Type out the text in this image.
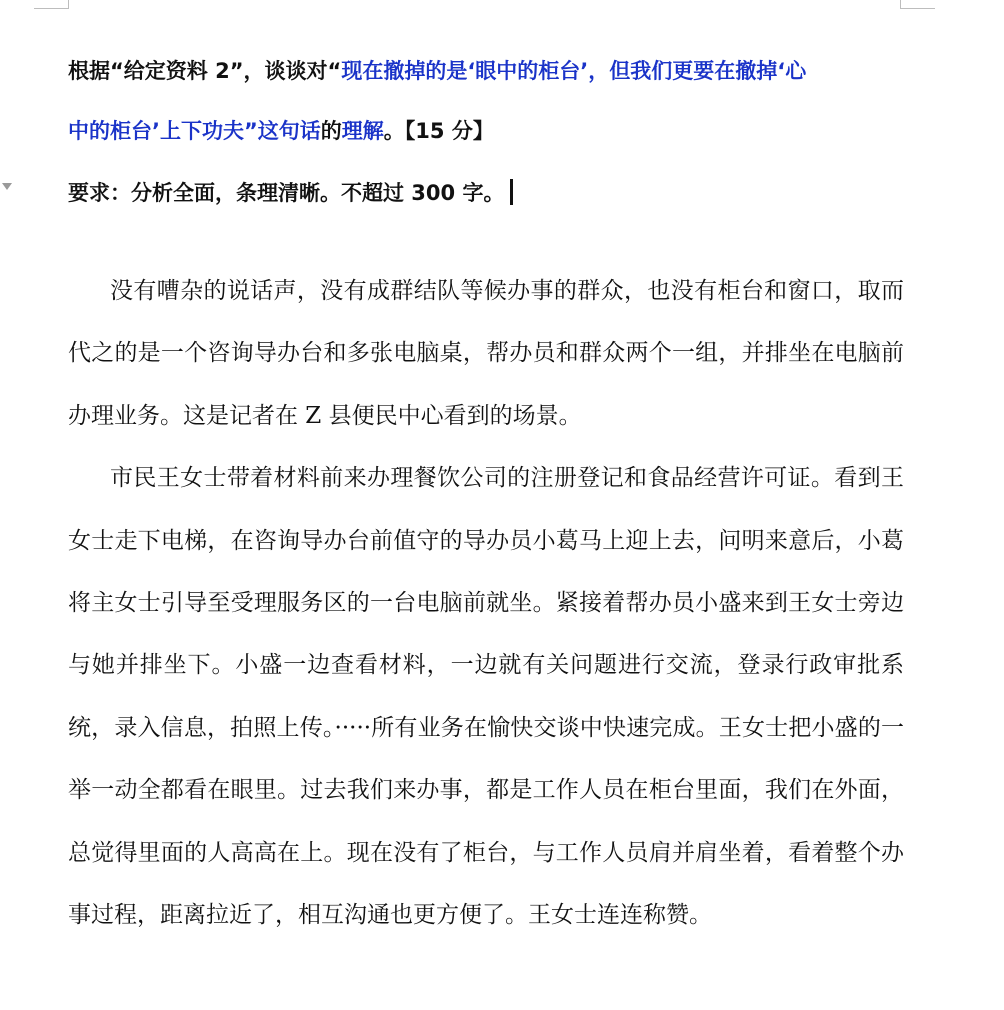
根据“给定资料 2”，谈谈对“现在撤掉的是‘眼中的柜台’，但我们更要在撤掉‘心
中的柜台’上下功夫”这句话的理解。【15 分】
要求：分析全面，条理清晰。不超过 300 字。

没有嘈杂的说话声，没有成群结队等候办事的群众，也没有柜台和窗口，取而代之的是一个咨询导办台和多张电脑桌，帮办员和群众两个一组，并排坐在电脑前办理业务。这是记者在 Z 县便民中心看到的场景。

市民王女士带着材料前来办理餐饮公司的注册登记和食品经营许可证。看到王女士走下电梯，在咨询导办台前值守的导办员小葛马上迎上去，问明来意后，小葛将主女士引导至受理服务区的一台电脑前就坐。紧接着帮办员小盛来到王女士旁边与她并排坐下。小盛一边查看材料，一边就有关问题进行交流，登录行政审批系统，录入信息，拍照上传。·····所有业务在愉快交谈中快速完成。王女士把小盛的一举一动全都看在眼里。过去我们来办事，都是工作人员在柜台里面，我们在外面，总觉得里面的人高高在上。现在没有了柜台，与工作人员肩并肩坐着，看着整个办事过程，距离拉近了，相互沟通也更方便了。王女士连连称赞。
